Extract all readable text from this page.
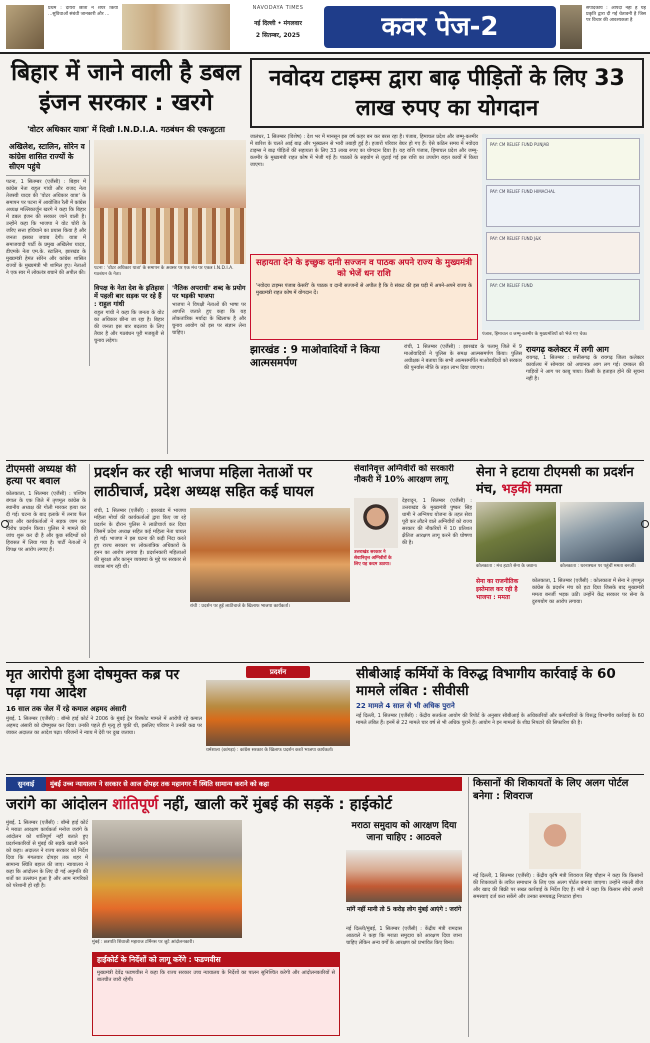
प्रथम : दायरा छात्रों ने शेयर किया ...सुविधाओं संबंधी जानकारी और ...
NAVODAYA TIMES
नई दिल्ली • मंगलवार
2 सितम्बर, 2025	कवर पेज-2
संपादकीय : आपदा नहीं है यह प्रकृति द्वारा दी गई चेतावनी है जिस पर विचार की आवश्यकता है
बिहार में जाने वाली है डबल इंजन सरकार : खरगे
'वोटर अधिकार यात्रा' में दिखी I.N.D.I.A. गठबंधन की एकजुटता
अखिलेश, स्टालिन, सोरेन व कांग्रेस शासित राज्यों के सीएम पहुंचे
पटना, 1 सितम्बर (एजैंसी) : बिहार में कांग्रेस नेता राहुल गांधी और राजद नेता तेजस्वी यादव की 'वोटर अधिकार यात्रा' के समापन पर पटना में आयोजित रैली में कांग्रेस अध्यक्ष मल्लिकार्जुन खरगे ने कहा कि बिहार में डबल इंजन की सरकार जाने वाली है। उन्होंने कहा कि भाजपा ने वोट चोरी के जरिए सत्ता हथियाने का प्रयास किया है और जनता इसका जवाब देगी। यात्रा में समाजवादी पार्टी के प्रमुख अखिलेश यादव, डीएमके नेता एम.के. स्टालिन, झारखंड के मुख्यमंत्री हेमंत सोरेन और कांग्रेस शासित राज्यों के मुख्यमंत्री भी शामिल हुए। नेताओं ने एक स्वर में लोकतंत्र बचाने की अपील की।
पटना : 'वोटर अधिकार यात्रा' के समापन के अवसर पर एक मंच पर एकत्र I.N.D.I.A. गठबंधन के नेता।
विपक्ष के नेता देश के इतिहास में पहली बार सड़क पर रहे हैं : राहुल गांधी
राहुल गांधी ने कहा कि जनता के वोट का अधिकार छीना जा रहा है। बिहार की जनता इस बार बदलाव के लिए तैयार है और गठबंधन पूरी मजबूती से चुनाव लड़ेगा।
'नैतिक अपराधी' शब्द के प्रयोग पर भड़की भाजपा
भाजपा ने विपक्षी नेताओं की भाषा पर आपत्ति जताते हुए कहा कि यह लोकतांत्रिक मर्यादा के खिलाफ है और चुनाव आयोग को इस पर संज्ञान लेना चाहिए।
नवोदय टाइम्स द्वारा बाढ़ पीड़ितों के लिए 33 लाख रुपए का योगदान
जालंधर, 1 सितम्बर (विशेष) : देश भर में मानसून इस वर्ष कहर बन कर बरस रहा है। पंजाब, हिमाचल प्रदेश और जम्मू-कश्मीर में बारिश के चलते आई बाढ़ और भूस्खलन से भारी तबाही हुई है। हजारों परिवार बेघर हो गए हैं। ऐसे कठिन समय में नवोदय टाइम्स ने बाढ़ पीड़ितों की सहायता के लिए 33 लाख रुपए का योगदान दिया है। यह राशि पंजाब, हिमाचल प्रदेश और जम्मू-कश्मीर के मुख्यमंत्री राहत कोष में भेजी गई है। पाठकों के सहयोग से जुटाई गई इस राशि का उपयोग राहत कार्यों में किया जाएगा।
सहायता देने के इच्छुक दानी सज्जन व पाठक अपने राज्य के मुख्यमंत्री को भेजें धन राशि
'नवोदय टाइम्स पंजाब केसरी' के पाठक व दानी सज्जनों से अपील है कि वे संकट की इस घड़ी में अपने-अपने राज्य के मुख्यमंत्री राहत कोष में योगदान दें।
PAY: CM RELIEF FUND PUNJAB
PAY: CM RELIEF FUND HIMACHAL
PAY: CM RELIEF FUND J&K
PAY: CM RELIEF FUND
पंजाब, हिमाचल व जम्मू-कश्मीर के मुख्यमंत्रियों को भेजे गए चेक।
झारखंड : 9 माओवादियों ने किया आत्मसमर्पण
रांची, 1 सितम्बर (एजैंसी) : झारखंड के पलामू जिले में 9 माओवादियों ने पुलिस के समक्ष आत्मसमर्पण किया। पुलिस अधीक्षक ने बताया कि सभी आत्मसमर्पित माओवादियों को सरकार की पुनर्वास नीति के तहत लाभ दिया जाएगा।
रायगढ़ कलेक्टर में लगी आग
रायगढ़, 1 सितम्बर : छत्तीसगढ़ के रायगढ़ जिला कलेक्टर कार्यालय में सोमवार को अचानक आग लग गई। दमकल की गाड़ियों ने आग पर काबू पाया। किसी के हताहत होने की सूचना नहीं है।
टीएमसी अध्यक्ष की हत्या पर बवाल
कोलकाता, 1 सितम्बर (एजैंसी) : पश्चिम बंगाल के एक जिले में तृणमूल कांग्रेस के स्थानीय अध्यक्ष की गोली मारकर हत्या कर दी गई। घटना के बाद इलाके में तनाव फैल गया और कार्यकर्ताओं ने सड़क जाम कर विरोध प्रदर्शन किया। पुलिस ने मामले की जांच शुरू कर दी है और कुछ संदिग्धों को हिरासत में लिया गया है। पार्टी नेताओं ने विपक्ष पर आरोप लगाए हैं।
प्रदर्शन कर रही भाजपा महिला नेताओं पर लाठीचार्ज, प्रदेश अध्यक्ष सहित कई घायल
रांची, 1 सितम्बर (एजैंसी) : झारखंड में भाजपा महिला मोर्चा की कार्यकर्ताओं द्वारा किए जा रहे प्रदर्शन के दौरान पुलिस ने लाठीचार्ज कर दिया जिसमें प्रदेश अध्यक्ष सहित कई महिला नेता घायल हो गईं। भाजपा ने इस घटना की कड़ी निंदा करते हुए राज्य सरकार पर लोकतांत्रिक अधिकारों के हनन का आरोप लगाया है। प्रदर्शनकारी महिलाओं की सुरक्षा और कानून व्यवस्था के मुद्दे पर सरकार से जवाब मांग रही थीं।
रांची : प्रदर्शन पर हुई लाठीचार्ज के खिलाफ भाजपा कार्यकर्ता।
सेवानिवृत्त अग्निवीरों को सरकारी नौकरी में 10% आरक्षण लागू
उत्तराखंड सरकार ने सेवानिवृत्त अग्निवीरों के लिए यह कदम उठाया।
देहरादून, 1 सितम्बर (एजैंसी) : उत्तराखंड के मुख्यमंत्री पुष्कर सिंह धामी ने अग्निपथ योजना के तहत सेवा पूरी कर लौटने वाले अग्निवीरों को राज्य सरकार की नौकरियों में 10 प्रतिशत क्षैतिज आरक्षण लागू करने की घोषणा की है।
सेना ने हटाया टीएमसी का प्रदर्शन मंच, भड़कीं ममता
कोलकाता : मंच हटाते सेना के जवान।	कोलकाता : धरनास्थल पर पहुंचीं ममता बनर्जी।
सेना का राजनीतिक इस्तेमाल कर रही है भाजपा : ममता
कोलकाता, 1 सितम्बर (एजैंसी) : कोलकाता में सेना ने तृणमूल कांग्रेस के प्रदर्शन मंच को हटा दिया जिसके बाद मुख्यमंत्री ममता बनर्जी भड़क उठीं। उन्होंने केंद्र सरकार पर सेना के दुरुपयोग का आरोप लगाया।
मृत आरोपी हुआ दोषमुक्त कब्र पर पढ़ा गया आदेश
16 साल तक जेल में रहे कमाल अहमद अंसारी
मुंबई, 1 सितम्बर (एजैंसी) : बॉम्बे हाई कोर्ट ने 2006 के मुंबई ट्रेन विस्फोट मामले में आरोपी रहे कमाल अहमद अंसारी को दोषमुक्त कर दिया। उनकी पहले ही मृत्यु हो चुकी थी, इसलिए परिवार ने उनकी कब्र पर जाकर अदालत का आदेश पढ़ा। परिजनों ने न्याय में देरी पर दुख जताया।
प्रदर्शन
धर्मशाला (कांगड़ा) : कांग्रेस सरकार के खिलाफ प्रदर्शन करते भाजपा कार्यकर्ता।
सीबीआई कर्मियों के विरुद्ध विभागीय कार्रवाई के 60 मामले लंबित : सीवीसी
22 मामले 4 साल से भी अधिक पुराने
नई दिल्ली, 1 सितम्बर (एजैंसी) : केंद्रीय सतर्कता आयोग की रिपोर्ट के अनुसार सीबीआई के अधिकारियों और कर्मचारियों के विरुद्ध विभागीय कार्रवाई के 60 मामले लंबित हैं। इनमें से 22 मामले चार वर्ष से भी अधिक पुराने हैं। आयोग ने इन मामलों के शीघ्र निपटारे की सिफारिश की है।
सुनवाई	मुंबई उच्च न्यायालय ने सरकार से आज दोपहर तक महानगर में स्थिति सामान्य कराने को कहा
जरांगे का आंदोलन शांतिपूर्ण नहीं, खाली करें मुंबई की सड़कें : हाईकोर्ट
मुंबई, 1 सितम्बर (एजैंसी) : बॉम्बे हाई कोर्ट ने मराठा आरक्षण कार्यकर्ता मनोज जरांगे के आंदोलन को शांतिपूर्ण नहीं बताते हुए प्रदर्शनकारियों से मुंबई की सड़कें खाली करने को कहा। अदालत ने राज्य सरकार को निर्देश दिया कि मंगलवार दोपहर तक शहर में सामान्य स्थिति बहाल की जाए। न्यायालय ने कहा कि आंदोलन के लिए दी गई अनुमति की शर्तों का उल्लंघन हुआ है और आम नागरिकों को परेशानी हो रही है।
मुंबई : छत्रपति शिवाजी महाराज टर्मिनस पर जुटे आंदोलनकारी।
हाईकोर्ट के निर्देशों को लागू करेंगे : फडणवीस
मुख्यमंत्री देवेंद्र फडणवीस ने कहा कि राज्य सरकार उच्च न्यायालय के निर्देशों का पालन सुनिश्चित करेगी और आंदोलनकारियों से बातचीत जारी रहेगी।
मराठा समुदाय को आरक्षण दिया जाना चाहिए : आठवले
मांगें नहीं मानी तो 5 करोड़ लोग मुंबई आएंगे : जरांगे
नई दिल्ली/मुंबई, 1 सितम्बर (एजैंसी) : केंद्रीय मंत्री रामदास आठवले ने कहा कि मराठा समुदाय को आरक्षण दिया जाना चाहिए लेकिन अन्य वर्गों के आरक्षण को प्रभावित किए बिना।
किसानों की शिकायतों के लिए अलग पोर्टल बनेगा : शिवराज
नई दिल्ली, 1 सितम्बर (एजैंसी) : केंद्रीय कृषि मंत्री शिवराज सिंह चौहान ने कहा कि किसानों की शिकायतों के त्वरित समाधान के लिए एक अलग पोर्टल बनाया जाएगा। उन्होंने नकली बीज और खाद की बिक्री पर सख्त कार्रवाई के निर्देश दिए हैं। मंत्री ने कहा कि किसान सीधे अपनी समस्याएं दर्ज करा सकेंगे और उनका समयबद्ध निपटारा होगा।
